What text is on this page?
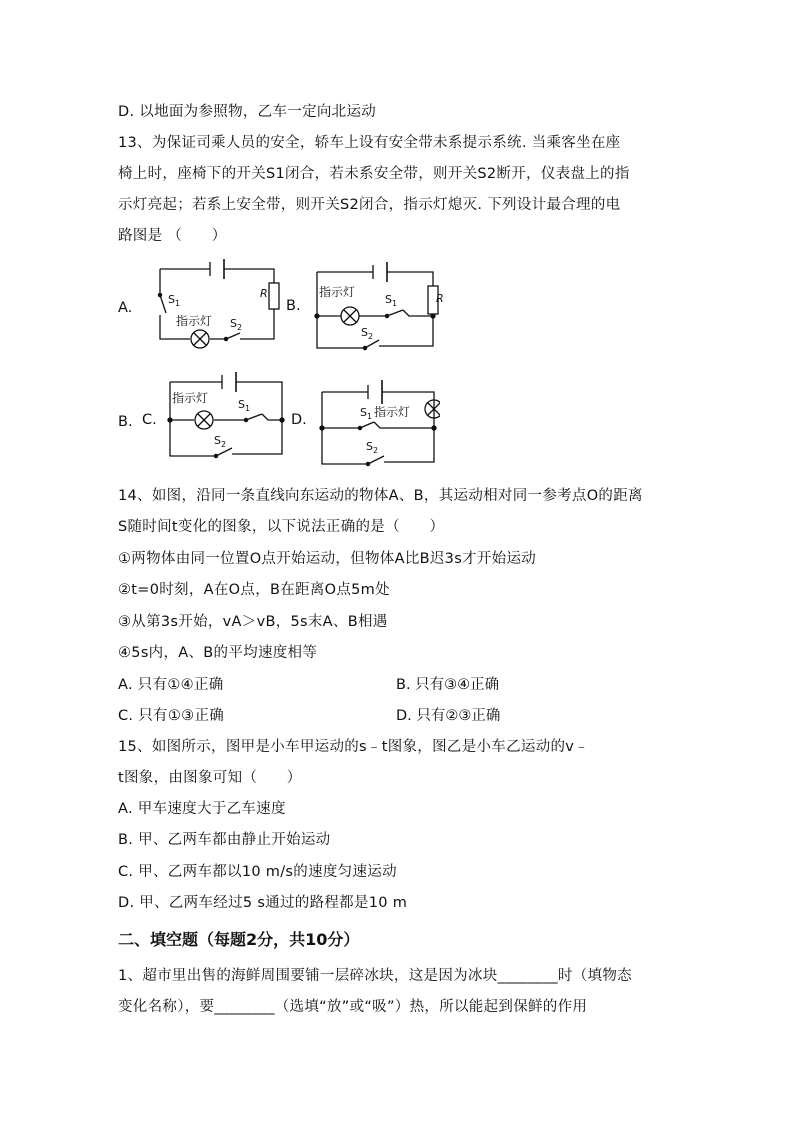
D. 以地面为参照物，乙车一定向北运动
13、为保证司乘人员的安全，轿车上设有安全带未系提示系统. 当乘客坐在座
椅上时，座椅下的开关S1闭合，若未系安全带，则开关S2断开，仪表盘上的指
示灯亮起；若系上安全带，则开关S2闭合，指示灯熄灭. 下列设计最合理的电
路图是 （　　）
A.	B.
B. C.	D.
R
$S_1$
指示灯 $S_2$
指示灯
$S_1$	R
$S_2$
指示灯	$S_1$
$S_2$
$S_1$ 指示灯
$S_2$
14、如图，沿同一条直线向东运动的物体A、B，其运动相对同一参考点O的距离
S随时间t变化的图象，以下说法正确的是（　　）
①两物体由同一位置O点开始运动，但物体A比B迟3s才开始运动
②t=0时刻，A在O点，B在距离O点5m处
③从第3s开始，vA＞vB，5s末A、B相遇
④5s内，A、B的平均速度相等
A. 只有①④正确	B. 只有③④正确
C. 只有①③正确	D. 只有②③正确
15、如图所示，图甲是小车甲运动的s﹣t图象，图乙是小车乙运动的v﹣
t图象，由图象可知（　　）
A. 甲车速度大于乙车速度
B. 甲、乙两车都由静止开始运动
C. 甲、乙两车都以10 m/s的速度匀速运动
D. 甲、乙两车经过5 s通过的路程都是10 m
二、填空题（每题2分，共10分）
1、超市里出售的海鲜周围要铺一层碎冰块，这是因为冰块________时（填物态
变化名称），要________（选填“放”或“吸”）热，所以能起到保鲜的作用
